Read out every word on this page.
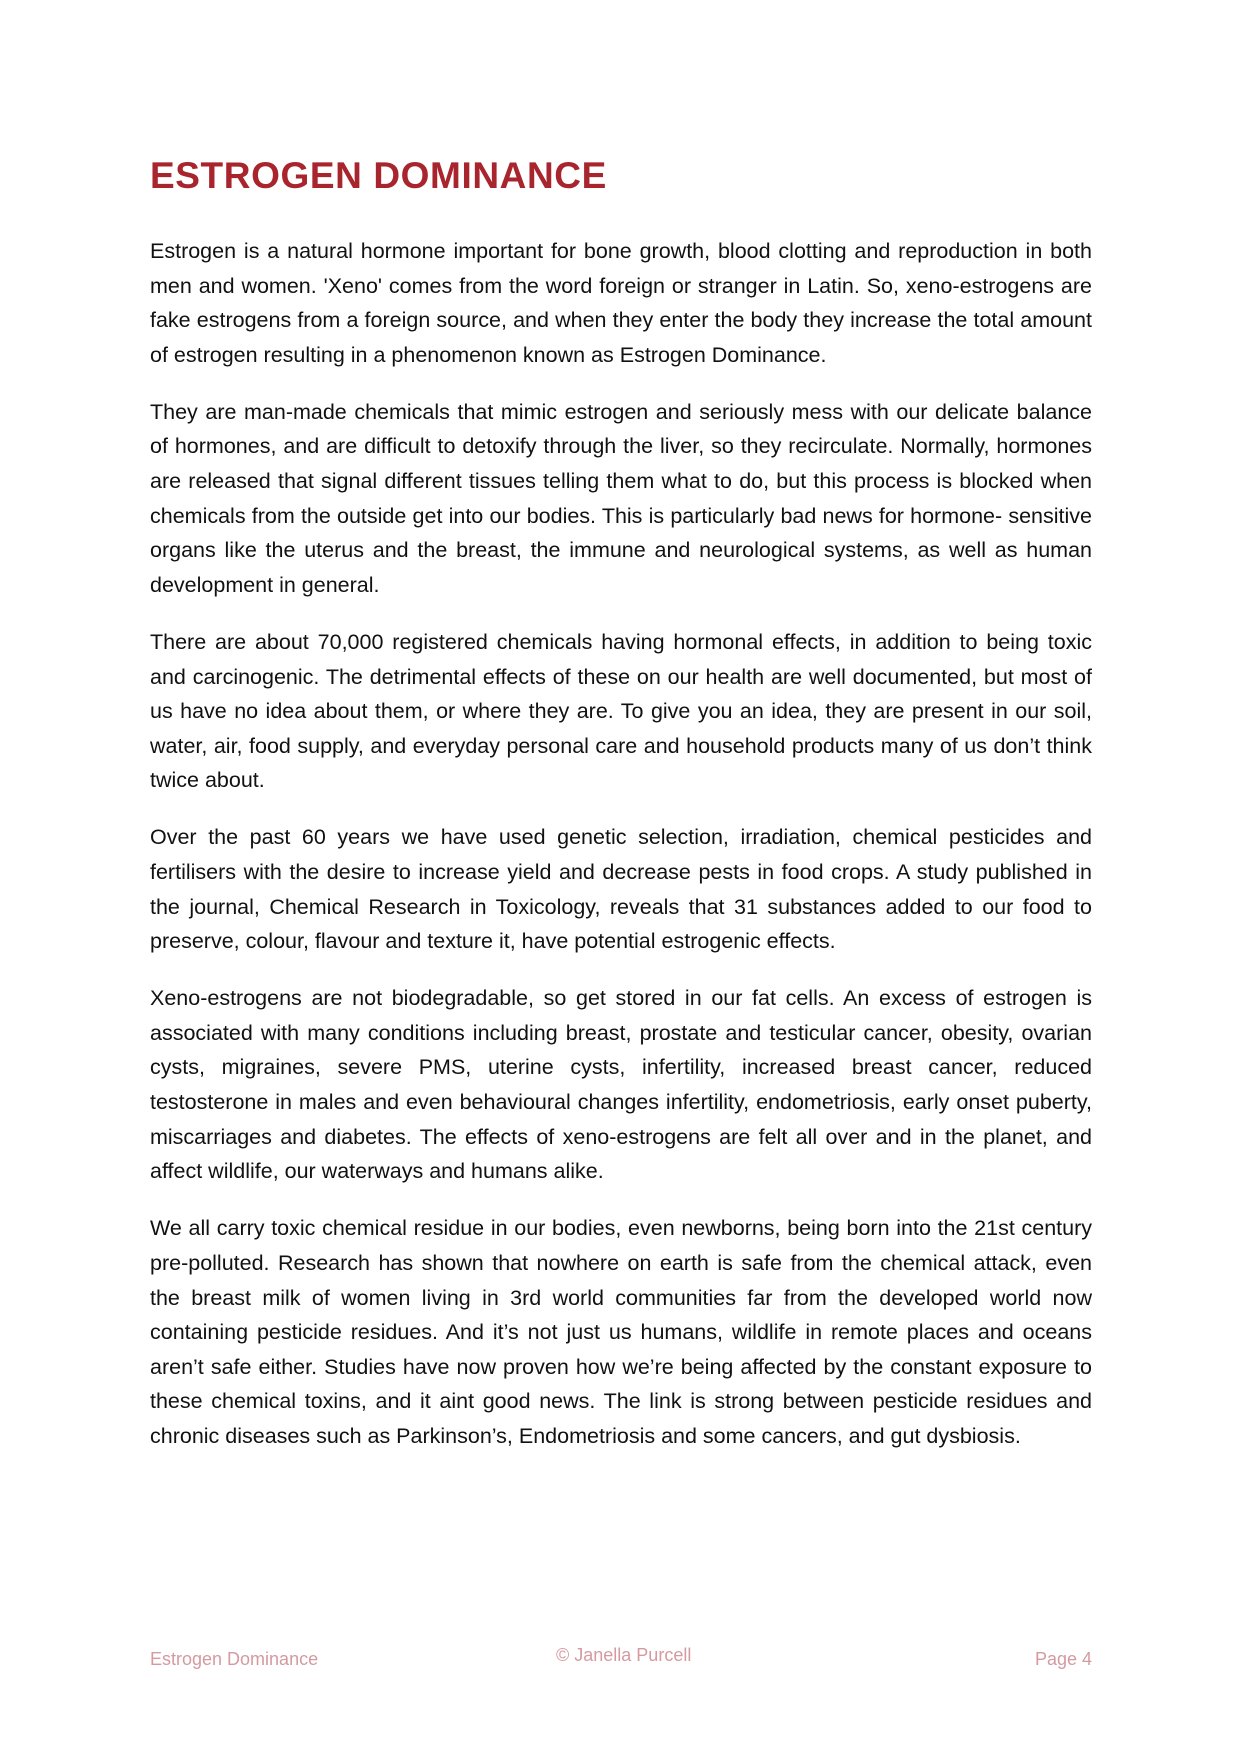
ESTROGEN DOMINANCE

Estrogen is a natural hormone important for bone growth, blood clotting and reproduction in both men and women. 'Xeno' comes from the word foreign or stranger in Latin. So, xeno-estrogens are fake estrogens from a foreign source, and when they enter the body they increase the total amount of estrogen resulting in a phenomenon known as Estrogen Dominance.

They are man-made chemicals that mimic estrogen and seriously mess with our delicate balance of hormones, and are difficult to detoxify through the liver, so they recirculate. Normally, hormones are released that signal different tissues telling them what to do, but this process is blocked when chemicals from the outside get into our bodies. This is particularly bad news for hormone- sensitive organs like the uterus and the breast, the immune and neurological systems, as well as human development in general.

There are about 70,000 registered chemicals having hormonal effects, in addition to being toxic and carcinogenic. The detrimental effects of these on our health are well documented, but most of us have no idea about them, or where they are. To give you an idea, they are present in our soil, water, air, food supply, and everyday personal care and household products many of us don’t think twice about.

Over the past 60 years we have used genetic selection, irradiation, chemical pesticides and fertilisers with the desire to increase yield and decrease pests in food crops. A study published in the journal, Chemical Research in Toxicology, reveals that 31 substances added to our food to preserve, colour, flavour and texture it, have potential estrogenic effects.

Xeno-estrogens are not biodegradable, so get stored in our fat cells. An excess of estrogen is associated with many conditions including breast, prostate and testicular cancer, obesity, ovarian cysts, migraines, severe PMS, uterine cysts, infertility, increased breast cancer, reduced testosterone in males and even behavioural changes infertility, endometriosis, early onset puberty, miscarriages and diabetes. The effects of xeno-estrogens are felt all over and in the planet, and affect wildlife, our waterways and humans alike.

We all carry toxic chemical residue in our bodies, even newborns, being born into the 21st century pre-polluted. Research has shown that nowhere on earth is safe from the chemical attack, even the breast milk of women living in 3rd world communities far from the developed world now containing pesticide residues. And it’s not just us humans, wildlife in remote places and oceans aren’t safe either. Studies have now proven how we’re being affected by the constant exposure to these chemical toxins, and it aint good news. The link is strong between pesticide residues and chronic diseases such as Parkinson’s, Endometriosis and some cancers, and gut dysbiosis.

Estrogen Dominance	© Janella Purcell	Page 4
